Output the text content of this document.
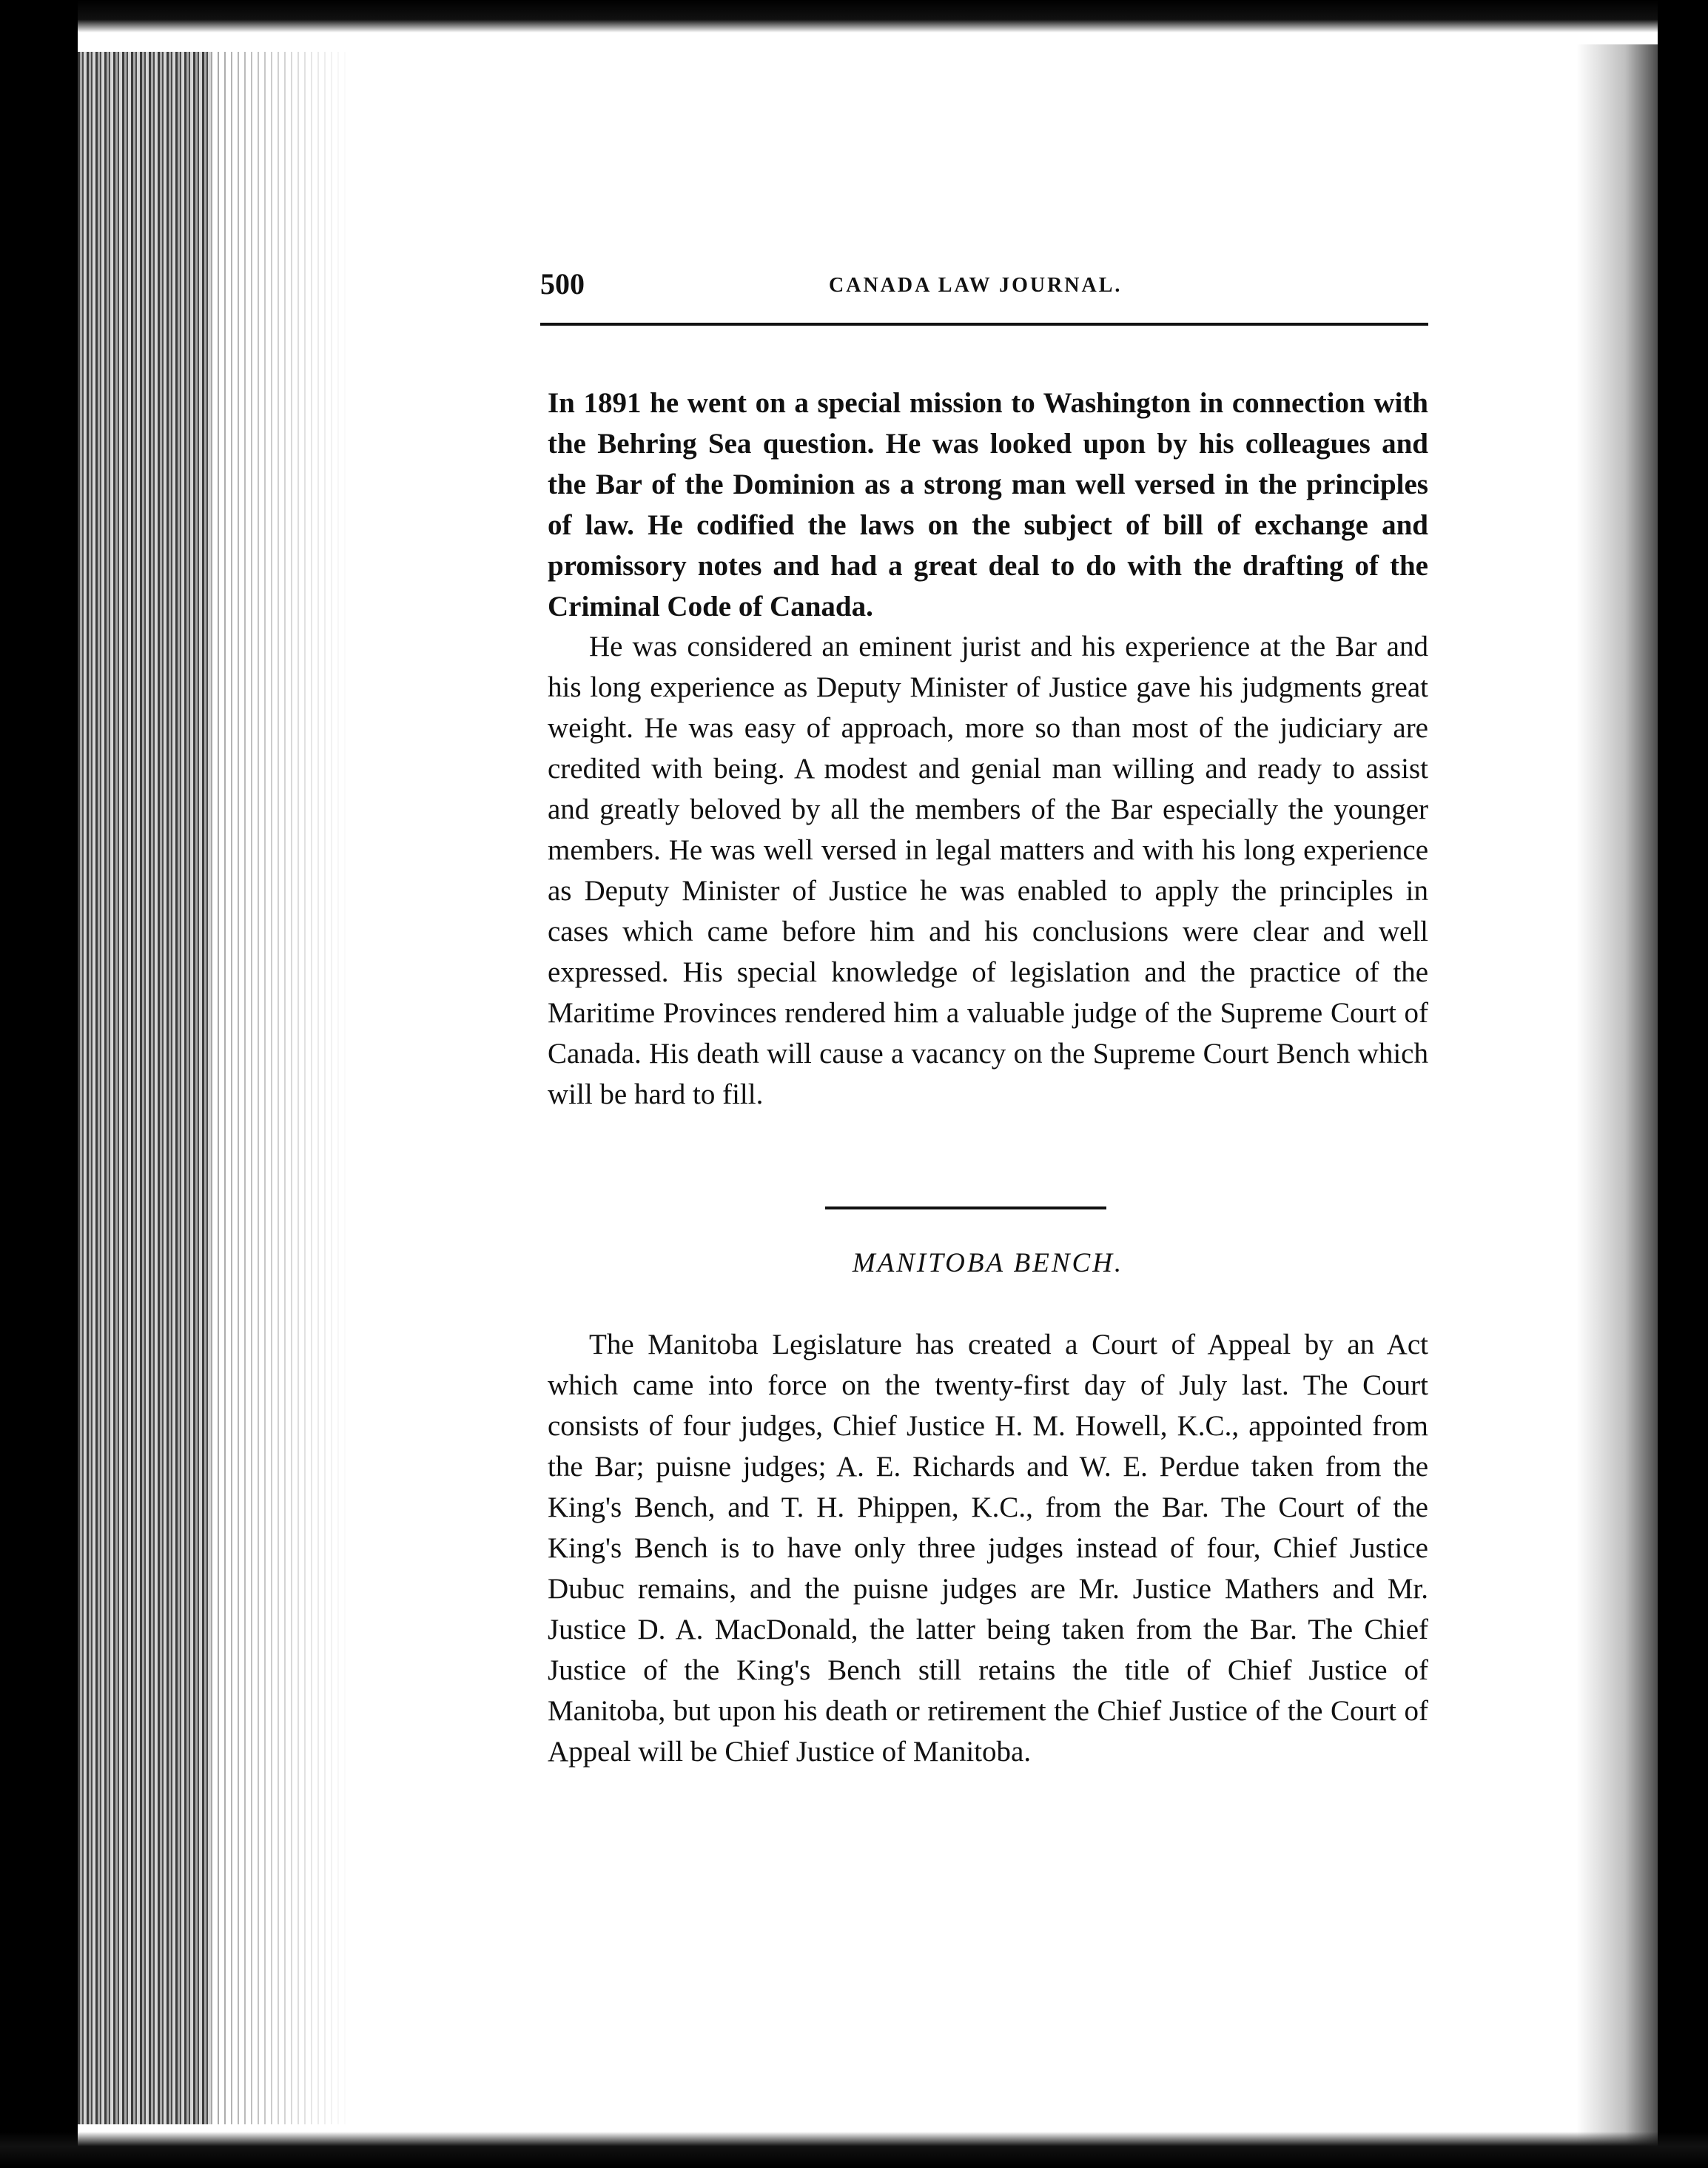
500	CANADA LAW JOURNAL.

In 1891 he went on a special mission to Washington in connection with the Behring Sea question. He was looked upon by his colleagues and the Bar of the Dominion as a strong man well versed in the principles of law. He codified the laws on the subject of bill of exchange and promissory notes and had a great deal to do with the drafting of the Criminal Code of Canada.

He was considered an eminent jurist and his experience at the Bar and his long experience as Deputy Minister of Justice gave his judgments great weight. He was easy of approach, more so than most of the judiciary are credited with being. A modest and genial man willing and ready to assist and greatly beloved by all the members of the Bar especially the younger members. He was well versed in legal matters and with his long experience as Deputy Minister of Justice he was enabled to apply the principles in cases which came before him and his conclusions were clear and well expressed. His special knowledge of legislation and the practice of the Maritime Provinces rendered him a valuable judge of the Supreme Court of Canada. His death will cause a vacancy on the Supreme Court Bench which will be hard to fill.

MANITOBA BENCH.

The Manitoba Legislature has created a Court of Appeal by an Act which came into force on the twenty-first day of July last. The Court consists of four judges, Chief Justice H. M. Howell, K.C., appointed from the Bar; puisne judges; A. E. Richards and W. E. Perdue taken from the King's Bench, and T. H. Phippen, K.C., from the Bar. The Court of the King's Bench is to have only three judges instead of four, Chief Justice Dubuc remains, and the puisne judges are Mr. Justice Mathers and Mr. Justice D. A. MacDonald, the latter being taken from the Bar. The Chief Justice of the King's Bench still retains the title of Chief Justice of Manitoba, but upon his death or retirement the Chief Justice of the Court of Appeal will be Chief Justice of Manitoba.
